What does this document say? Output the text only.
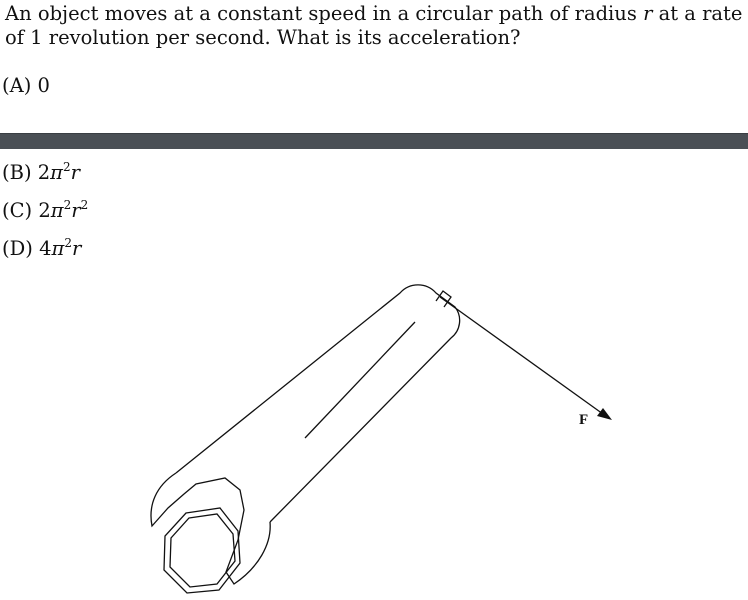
An object moves at a constant speed in a circular path of radius r at a rate of 1 revolution per second. What is its acceleration?

(A) 0
(B) $2\pi^2r$
(C) $2\pi^2r^2$
(D) $4\pi^2r$
F
